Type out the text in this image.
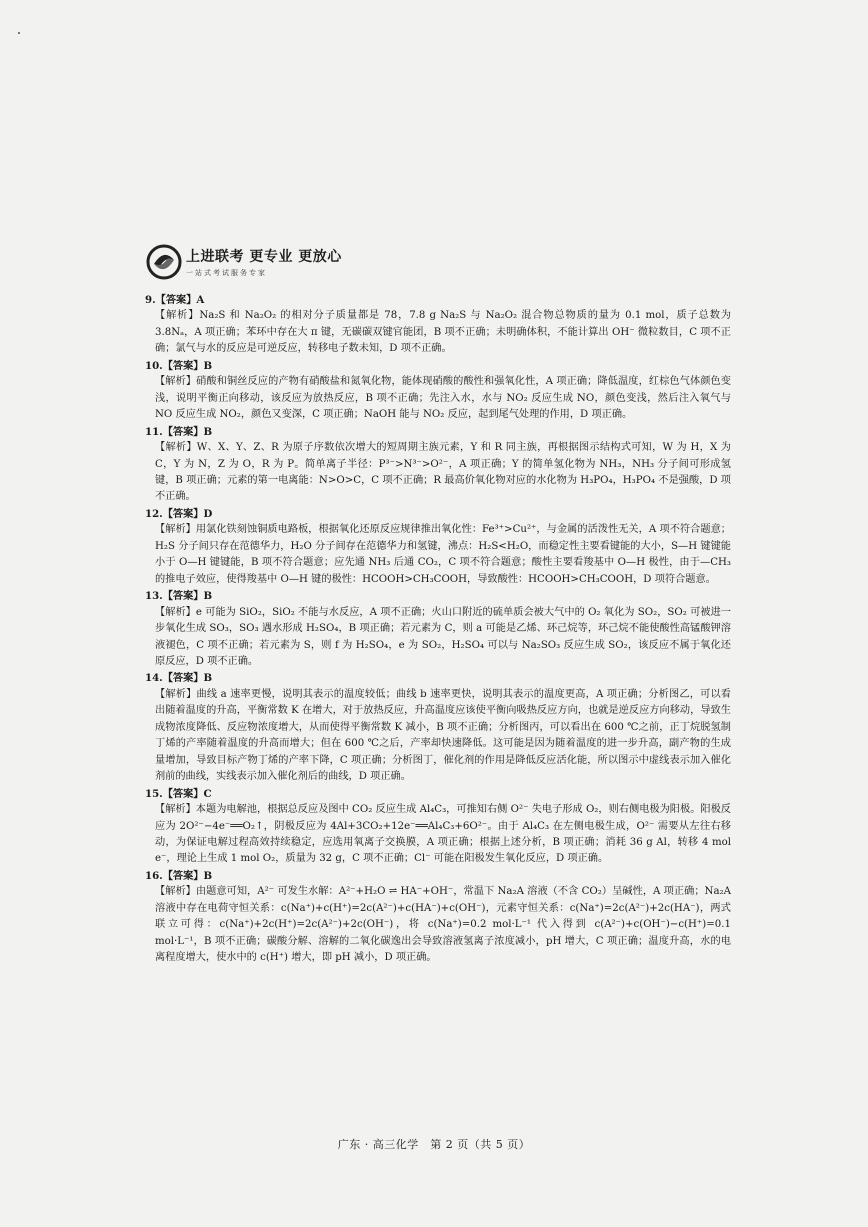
上进联考 更专业 更放心
一站式考试服务专家
9.【答案】A
【解析】Na₂S 和 Na₂O₂ 的相对分子质量都是 78，7.8 g Na₂S 与 Na₂O₂ 混合物总物质的量为 0.1 mol，质子总数为 3.8Nₐ，A 项正确；苯环中存在大 π 键，无碳碳双键官能团，B 项不正确；未明确体积，不能计算出 OH⁻ 微粒数目，C 项不正确；氯气与水的反应是可逆反应，转移电子数未知，D 项不正确。
10.【答案】B
【解析】硝酸和铜丝反应的产物有硝酸盐和氮氧化物，能体现硝酸的酸性和强氧化性，A 项正确；降低温度，红棕色气体颜色变浅，说明平衡正向移动，该反应为放热反应，B 项不正确；先注入水，水与 NO₂ 反应生成 NO，颜色变浅，然后注入氧气与 NO 反应生成 NO₂，颜色又变深，C 项正确；NaOH 能与 NO₂ 反应，起到尾气处理的作用，D 项正确。
11.【答案】B
【解析】W、X、Y、Z、R 为原子序数依次增大的短周期主族元素，Y 和 R 同主族，再根据图示结构式可知，W 为 H，X 为 C，Y 为 N，Z 为 O，R 为 P。简单离子半径：P³⁻>N³⁻>O²⁻，A 项正确；Y 的简单氢化物为 NH₃，NH₃ 分子间可形成氢键，B 项正确；元素的第一电离能：N>O>C，C 项不正确；R 最高价氧化物对应的水化物为 H₃PO₄，H₃PO₄ 不是强酸，D 项不正确。
12.【答案】D
【解析】用氯化铁刻蚀铜质电路板，根据氧化还原反应规律推出氧化性：Fe³⁺>Cu²⁺，与金属的活泼性无关，A 项不符合题意；H₂S 分子间只存在范德华力，H₂O 分子间存在范德华力和氢键，沸点：H₂S<H₂O，而稳定性主要看键能的大小，S—H 键键能小于 O—H 键键能，B 项不符合题意；应先通 NH₃ 后通 CO₂，C 项不符合题意；酸性主要看羧基中 O—H 极性，由于—CH₃ 的推电子效应，使得羧基中 O—H 键的极性：HCOOH>CH₃COOH，导致酸性：HCOOH>CH₃COOH，D 项符合题意。
13.【答案】B
【解析】e 可能为 SiO₂，SiO₂ 不能与水反应，A 项不正确；火山口附近的硫单质会被大气中的 O₂ 氧化为 SO₂，SO₂ 可被进一步氧化生成 SO₃，SO₃ 遇水形成 H₂SO₄，B 项正确；若元素为 C，则 a 可能是乙烯、环己烷等，环己烷不能使酸性高锰酸钾溶液褪色，C 项不正确；若元素为 S，则 f 为 H₂SO₄，e 为 SO₂，H₂SO₄ 可以与 Na₂SO₃ 反应生成 SO₂，该反应不属于氧化还原反应，D 项不正确。
14.【答案】B
【解析】曲线 a 速率更慢，说明其表示的温度较低；曲线 b 速率更快，说明其表示的温度更高，A 项正确；分析图乙，可以看出随着温度的升高，平衡常数 K 在增大，对于放热反应，升高温度应该使平衡向吸热反应方向，也就是逆反应方向移动，导致生成物浓度降低、反应物浓度增大，从而使得平衡常数 K 减小，B 项不正确；分析图丙，可以看出在 600 ℃之前，正丁烷脱氢制丁烯的产率随着温度的升高而增大；但在 600 ℃之后，产率却快速降低。这可能是因为随着温度的进一步升高，副产物的生成量增加，导致目标产物丁烯的产率下降，C 项正确；分析图丁，催化剂的作用是降低反应活化能，所以图示中虚线表示加入催化剂前的曲线，实线表示加入催化剂后的曲线，D 项正确。
15.【答案】C
【解析】本题为电解池，根据总反应及图中 CO₂ 反应生成 Al₄C₃，可推知右侧 O²⁻ 失电子形成 O₂，则右侧电极为阳极。阳极反应为 2O²⁻−4e⁻══O₂↑，阴极反应为 4Al+3CO₂+12e⁻══Al₄C₃+6O²⁻。由于 Al₄C₃ 在左侧电极生成，O²⁻ 需要从左往右移动，为保证电解过程高效持续稳定，应选用氧离子交换膜，A 项正确；根据上述分析，B 项正确；消耗 36 g Al，转移 4 mol e⁻，理论上生成 1 mol O₂，质量为 32 g，C 项不正确；Cl⁻ 可能在阳极发生氧化反应，D 项正确。
16.【答案】B
【解析】由题意可知，A²⁻ 可发生水解：A²⁻+H₂O ⇌ HA⁻+OH⁻，常温下 Na₂A 溶液（不含 CO₂）呈碱性，A 项正确；Na₂A 溶液中存在电荷守恒关系：c(Na⁺)+c(H⁺)=2c(A²⁻)+c(HA⁻)+c(OH⁻)，元素守恒关系：c(Na⁺)=2c(A²⁻)+2c(HA⁻)，两式联立可得：c(Na⁺)+2c(H⁺)=2c(A²⁻)+2c(OH⁻)，将 c(Na⁺)=0.2 mol·L⁻¹ 代入得到 c(A²⁻)+c(OH⁻)−c(H⁺)=0.1 mol·L⁻¹，B 项不正确；碳酸分解、溶解的二氧化碳逸出会导致溶液氢离子浓度减小，pH 增大，C 项正确；温度升高，水的电离程度增大，使水中的 c(H⁺) 增大，即 pH 减小，D 项正确。
广东 · 高三化学　第 2 页（共 5 页）
